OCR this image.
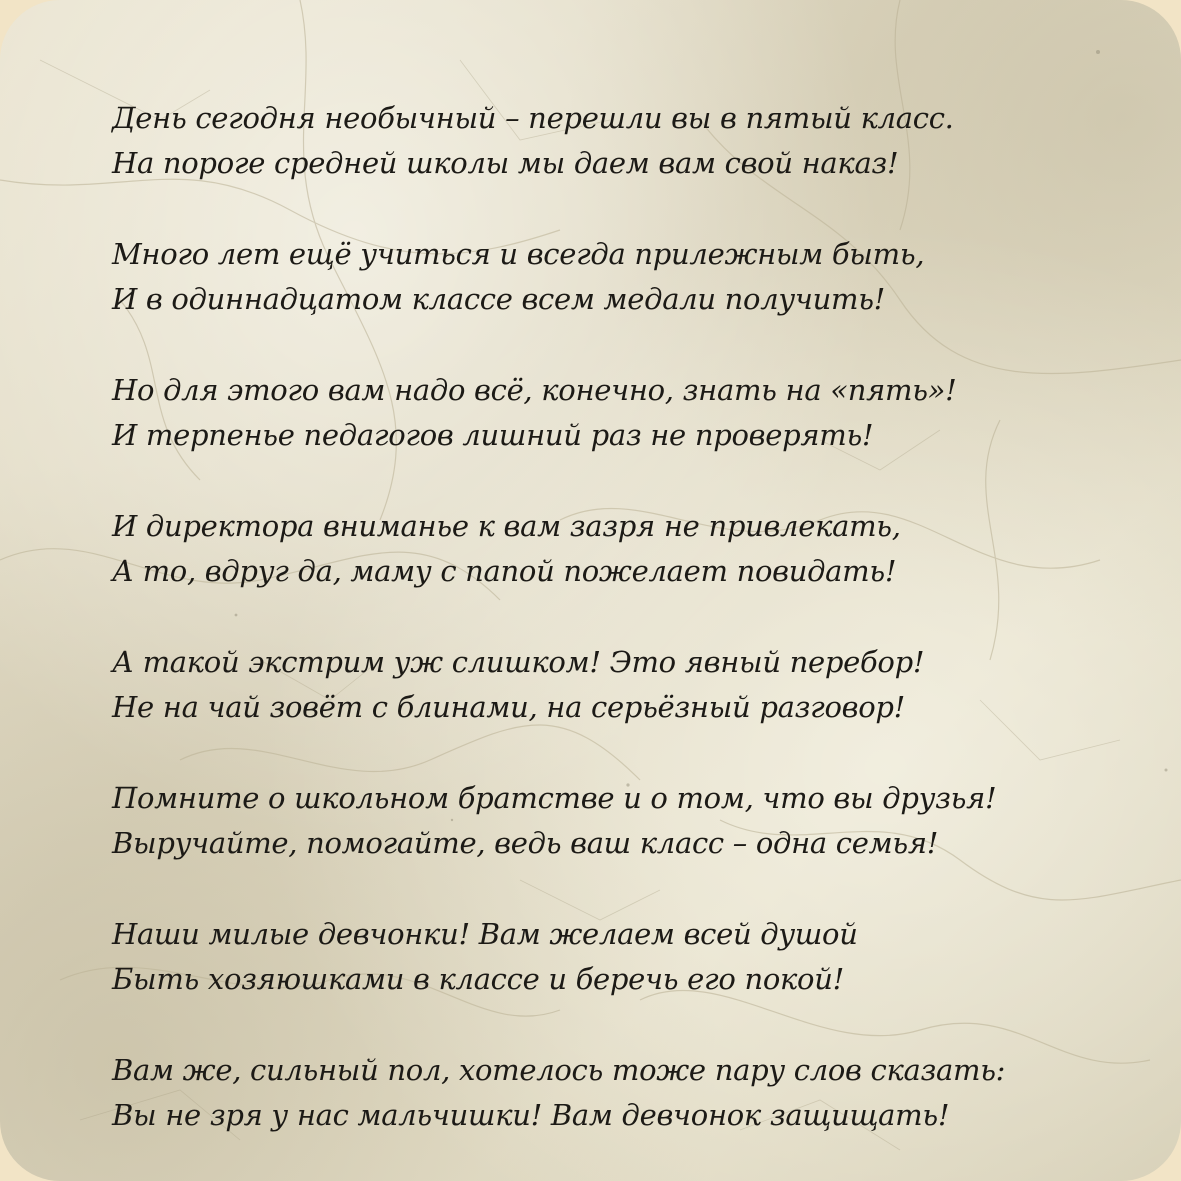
День сегодня необычный – перешли вы в пятый класс.
На пороге средней школы мы даем вам свой наказ!

Много лет ещё учиться и всегда прилежным быть,
И в одиннадцатом классе всем медали получить!

Но для этого вам надо всё, конечно, знать на «пять»!
И терпенье педагогов лишний раз не проверять!

И директора вниманье к вам зазря не привлекать,
А то, вдруг да, маму с папой пожелает повидать!

А такой экстрим уж слишком! Это явный перебор!
Не на чай зовёт с блинами, на серьёзный разговор!

Помните о школьном братстве и о том, что вы друзья!
Выручайте, помогайте, ведь ваш класс – одна семья!

Наши милые девчонки! Вам желаем всей душой
Быть хозяюшками в классе и беречь его покой!

Вам же, сильный пол, хотелось тоже пару слов сказать:
Вы не зря у нас мальчишки! Вам девчонок защищать!
